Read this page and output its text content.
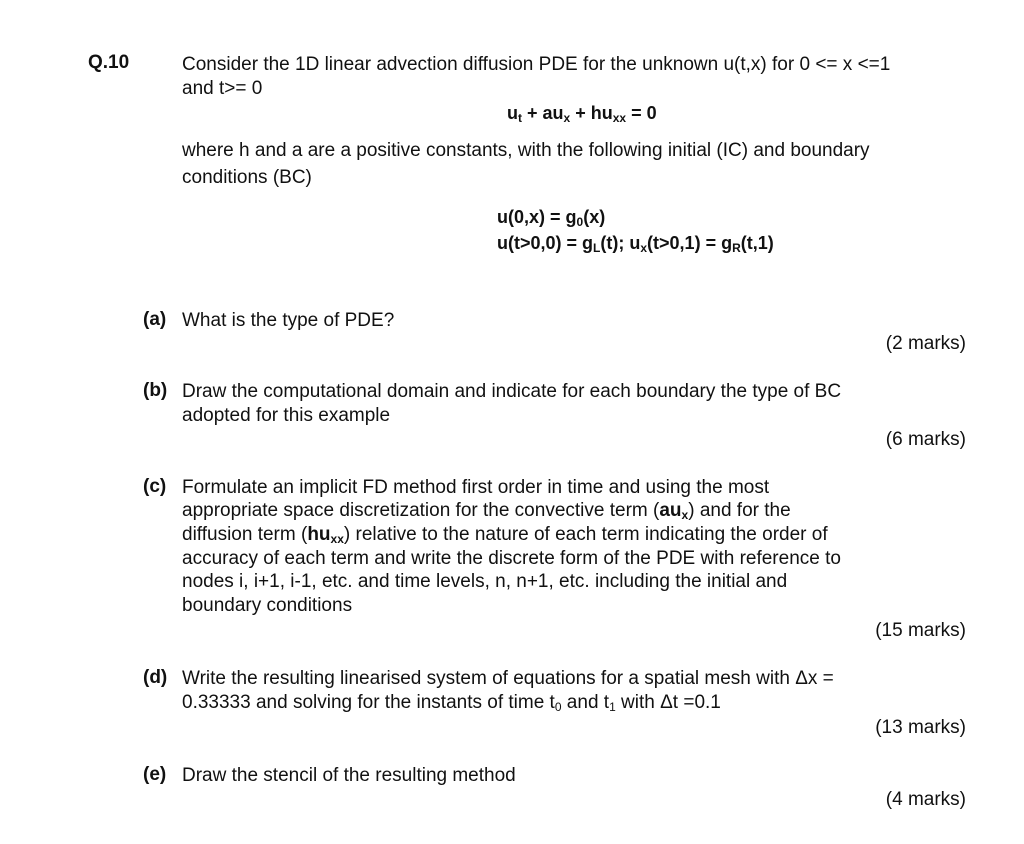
Q.10	Consider the 1D linear advection diffusion PDE for the unknown u(t,x) for 0 <= x <=1
and t>= 0
$u_t + au_x + hu_{xx} = 0$
where h and a are a positive constants, with the following initial (IC) and boundary
conditions (BC)
$u(0,x) = g_0(x)$
$u(t>0,0) = g_L(t)$; $u_x(t>0,1) = g_R(t,1)$
(a) What is the type of PDE?
(2 marks)
(b) Draw the computational domain and indicate for each boundary the type of BC
adopted for this example
(6 marks)
(c) Formulate an implicit FD method first order in time and using the most
appropriate space discretization for the convective term $(au_x)$ and for the
diffusion term $(hu_{xx})$ relative to the nature of each term indicating the order of
accuracy of each term and write the discrete form of the PDE with reference to
nodes i, i+1, i-1, etc. and time levels, n, n+1, etc. including the initial and
boundary conditions
(15 marks)
(d) Write the resulting linearised system of equations for a spatial mesh with Δx =
0.33333 and solving for the instants of time $t_0$ and $t_1$ with Δt =0.1
(13 marks)
(e) Draw the stencil of the resulting method
(4 marks)
